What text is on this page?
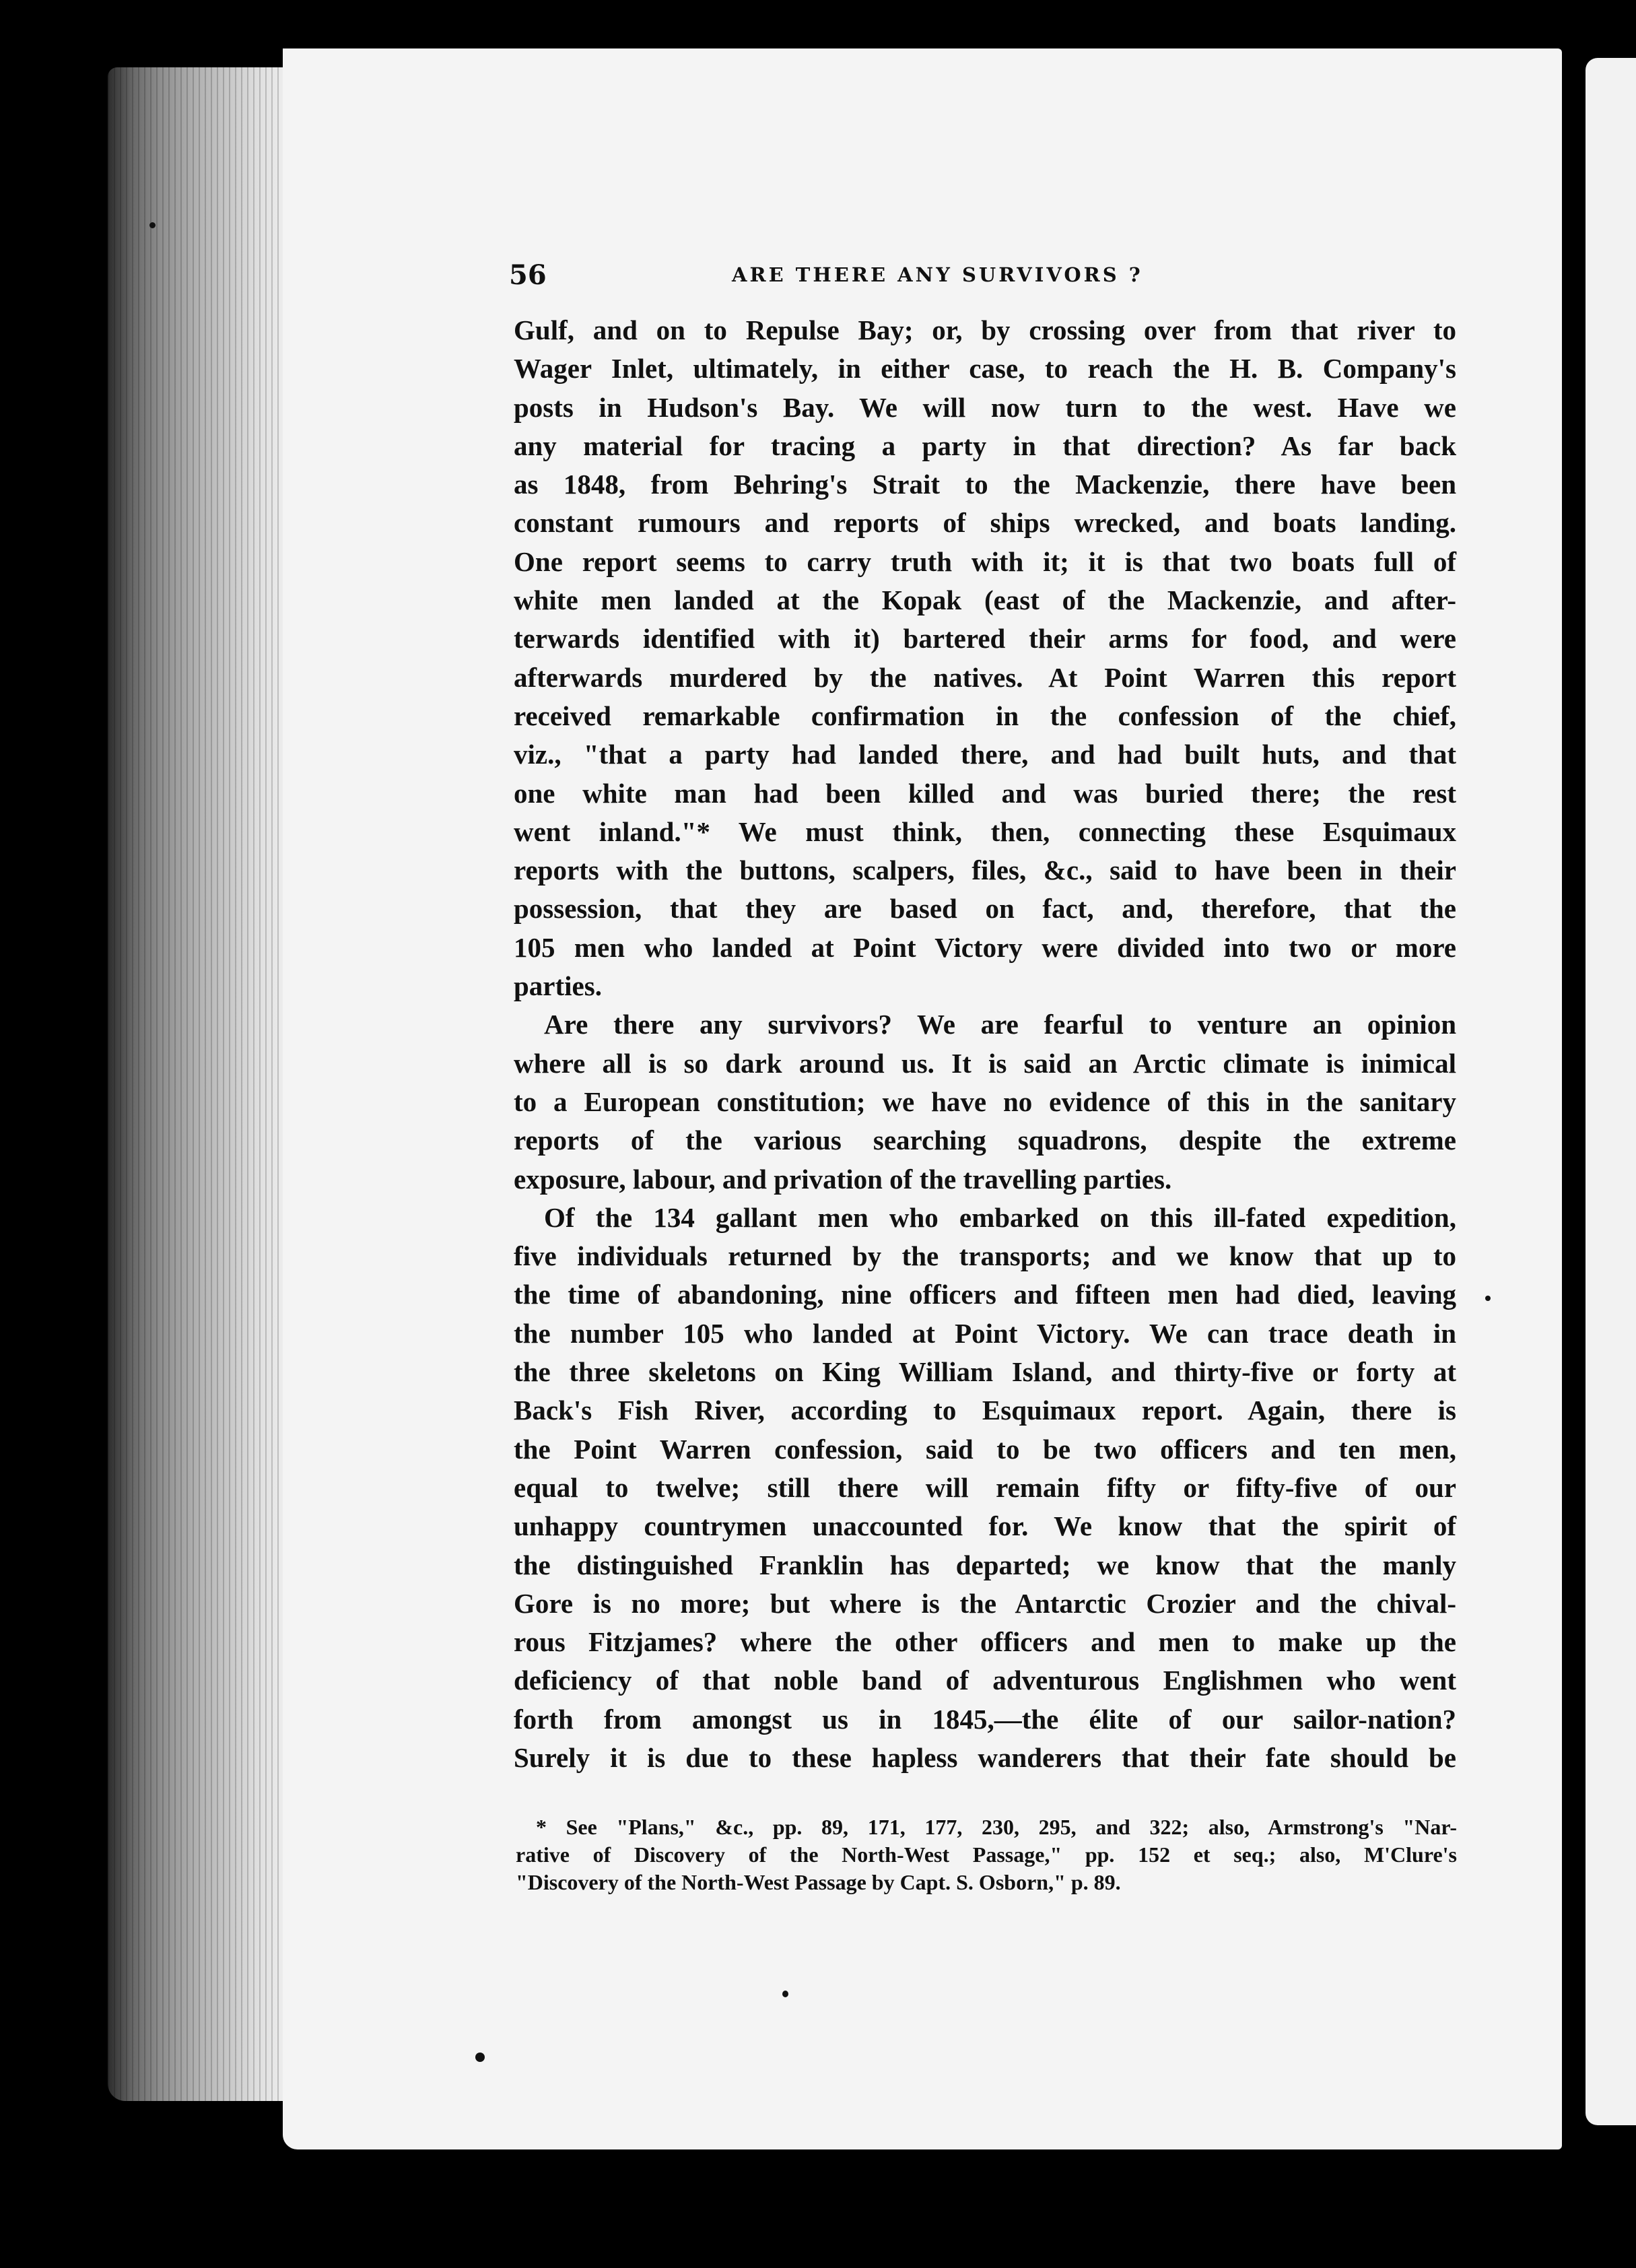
56	ARE THERE ANY SURVIVORS ?
Gulf, and on to Repulse Bay; or, by crossing over from that river to
Wager Inlet, ultimately, in either case, to reach the H. B. Company's
posts in Hudson's Bay. We will now turn to the west. Have we
any material for tracing a party in that direction? As far back
as 1848, from Behring's Strait to the Mackenzie, there have been
constant rumours and reports of ships wrecked, and boats landing.
One report seems to carry truth with it; it is that two boats full of
white men landed at the Kopak (east of the Mackenzie, and after-
terwards identified with it) bartered their arms for food, and were
afterwards murdered by the natives. At Point Warren this report
received remarkable confirmation in the confession of the chief,
viz., "that a party had landed there, and had built huts, and that
one white man had been killed and was buried there; the rest
went inland."* We must think, then, connecting these Esquimaux
reports with the buttons, scalpers, files, &c., said to have been in their
possession, that they are based on fact, and, therefore, that the
105 men who landed at Point Victory were divided into two or more
parties.
Are there any survivors? We are fearful to venture an opinion
where all is so dark around us. It is said an Arctic climate is inimical
to a European constitution; we have no evidence of this in the sanitary
reports of the various searching squadrons, despite the extreme
exposure, labour, and privation of the travelling parties.
Of the 134 gallant men who embarked on this ill-fated expedition,
five individuals returned by the transports; and we know that up to
the time of abandoning, nine officers and fifteen men had died, leaving
the number 105 who landed at Point Victory. We can trace death in
the three skeletons on King William Island, and thirty-five or forty at
Back's Fish River, according to Esquimaux report. Again, there is
the Point Warren confession, said to be two officers and ten men,
equal to twelve; still there will remain fifty or fifty-five of our
unhappy countrymen unaccounted for. We know that the spirit of
the distinguished Franklin has departed; we know that the manly
Gore is no more; but where is the Antarctic Crozier and the chival-
rous Fitzjames? where the other officers and men to make up the
deficiency of that noble band of adventurous Englishmen who went
forth from amongst us in 1845,—the élite of our sailor-nation?
Surely it is due to these hapless wanderers that their fate should be
* See "Plans," &c., pp. 89, 171, 177, 230, 295, and 322; also, Armstrong's "Nar-
rative of Discovery of the North-West Passage," pp. 152 et seq.; also, M'Clure's
"Discovery of the North-West Passage by Capt. S. Osborn," p. 89.
